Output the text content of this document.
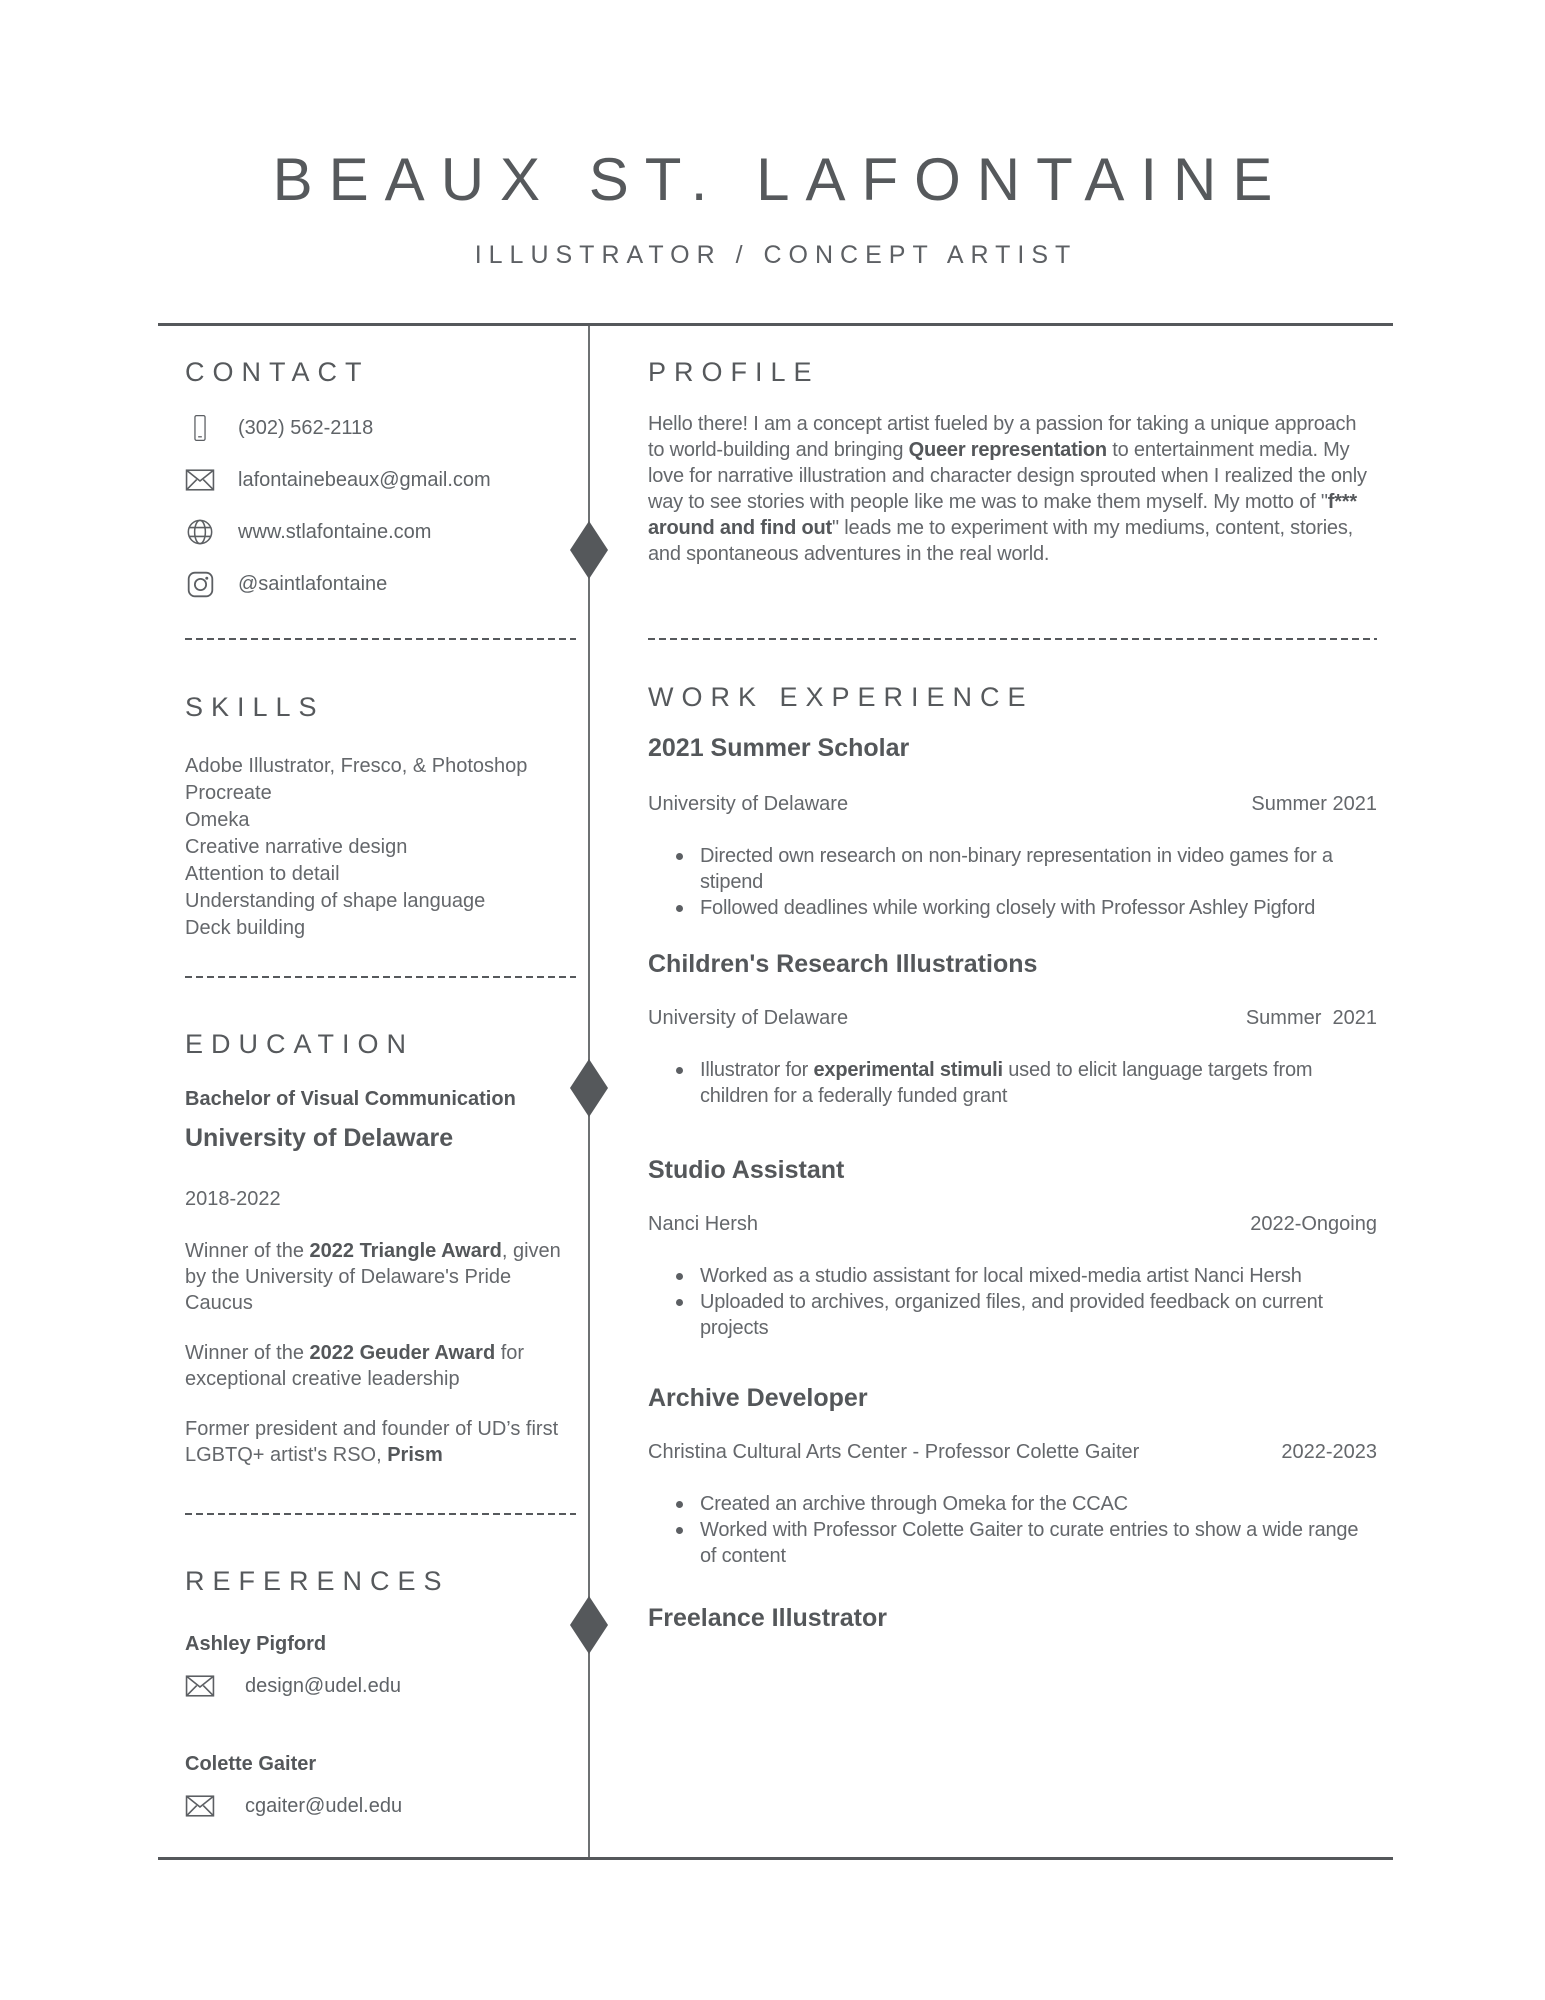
BEAUX ST. LAFONTAINE
ILLUSTRATOR / CONCEPT ARTIST
CONTACT
(302) 562-2118
lafontainebeaux@gmail.com
www.stlafontaine.com
@saintlafontaine
SKILLS
Adobe Illustrator, Fresco, & Photoshop
Procreate
Omeka
Creative narrative design
Attention to detail
Understanding of shape language
Deck building
EDUCATION
Bachelor of Visual Communication
University of Delaware
2018-2022

Winner of the 2022 Triangle Award, given by the University of Delaware's Pride Caucus

Winner of the 2022 Geuder Award for exceptional creative leadership

Former president and founder of UD’s first LGBTQ+ artist's RSO, Prism

REFERENCES
Ashley Pigford
design@udel.edu
Colette Gaiter
cgaiter@udel.edu
PROFILE

Hello there! I am a concept artist fueled by a passion for taking a unique approach to world-building and bringing Queer representation to entertainment media. My love for narrative illustration and character design sprouted when I realized the only way to see stories with people like me was to make them myself. My motto of "f*** around and find out" leads me to experiment with my mediums, content, stories, and spontaneous adventures in the real world.

WORK EXPERIENCE
2021 Summer Scholar
University of Delaware	Summer 2021
Directed own research on non-binary representation in video games for a stipend
Followed deadlines while working closely with Professor Ashley Pigford
Children's Research Illustrations
University of Delaware	Summer  2021
Illustrator for experimental stimuli used to elicit language targets from children for a federally funded grant
Studio Assistant
Nanci Hersh	2022-Ongoing
Worked as a studio assistant for local mixed-media artist Nanci Hersh
Uploaded to archives, organized files, and provided feedback on current projects
Archive Developer
Christina Cultural Arts Center - Professor Colette Gaiter	2022-2023
Created an archive through Omeka for the CCAC
Worked with Professor Colette Gaiter to curate entries to show a wide range of content
Freelance Illustrator
